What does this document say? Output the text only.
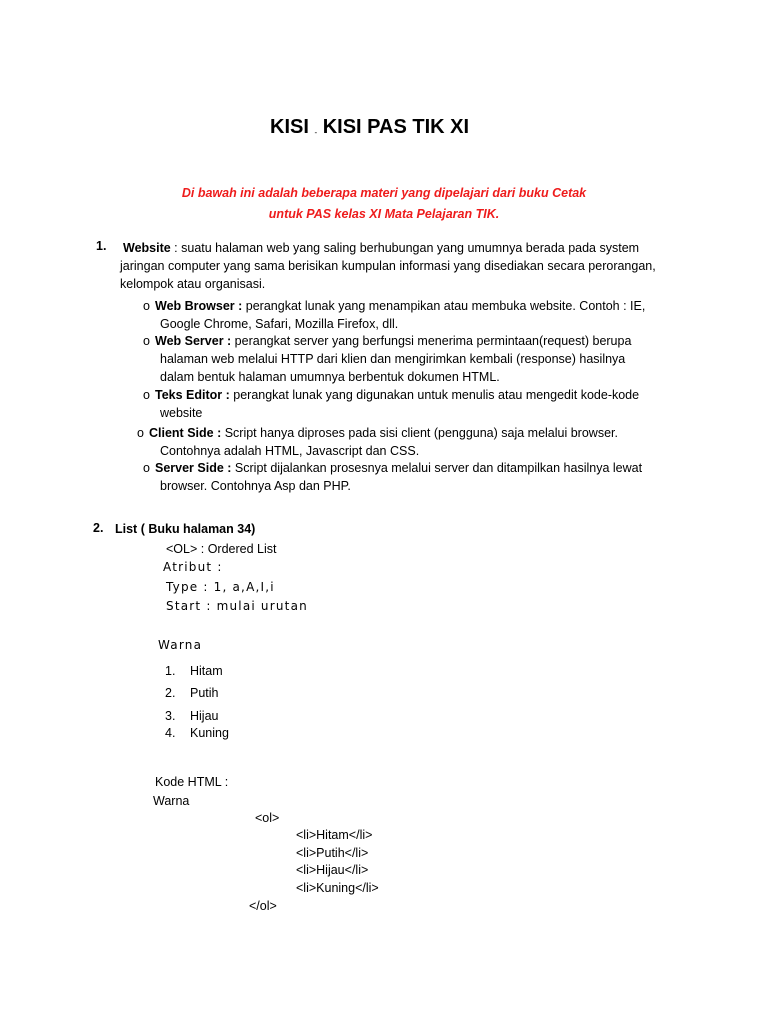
KISI - KISI PAS TIK XI
Di bawah ini adalah beberapa materi yang dipelajari dari buku Cetak
untuk PAS kelas XI Mata Pelajaran TIK.
1. Website : suatu halaman web yang saling berhubungan yang umumnya berada pada system
jaringan computer yang sama berisikan kumpulan informasi yang disediakan secara perorangan,
kelompok atau organisasi.
o Web Browser : perangkat lunak yang menampikan atau membuka website. Contoh : IE,
Google Chrome, Safari, Mozilla Firefox, dll.
o Web Server : perangkat server yang berfungsi menerima permintaan(request) berupa
halaman web melalui HTTP dari klien dan mengirimkan kembali (response) hasilnya
dalam bentuk halaman umumnya berbentuk dokumen HTML.
o Teks Editor : perangkat lunak yang digunakan untuk menulis atau mengedit kode-kode
website
o Client Side : Script hanya diproses pada sisi client (pengguna) saja melalui browser.
Contohnya adalah HTML, Javascript dan CSS.
o Server Side : Script dijalankan prosesnya melalui server dan ditampilkan hasilnya lewat
browser. Contohnya Asp dan PHP.
2. List ( Buku halaman 34)
<OL> : Ordered List
Atribut :
Type : 1, a,A,I,i
Start : mulai urutan
Warna
1. Hitam
2. Putih
3. Hijau
4. Kuning
Kode HTML :
Warna
<ol>
<li>Hitam</li>
<li>Putih</li>
<li>Hijau</li>
<li>Kuning</li>
</ol>
